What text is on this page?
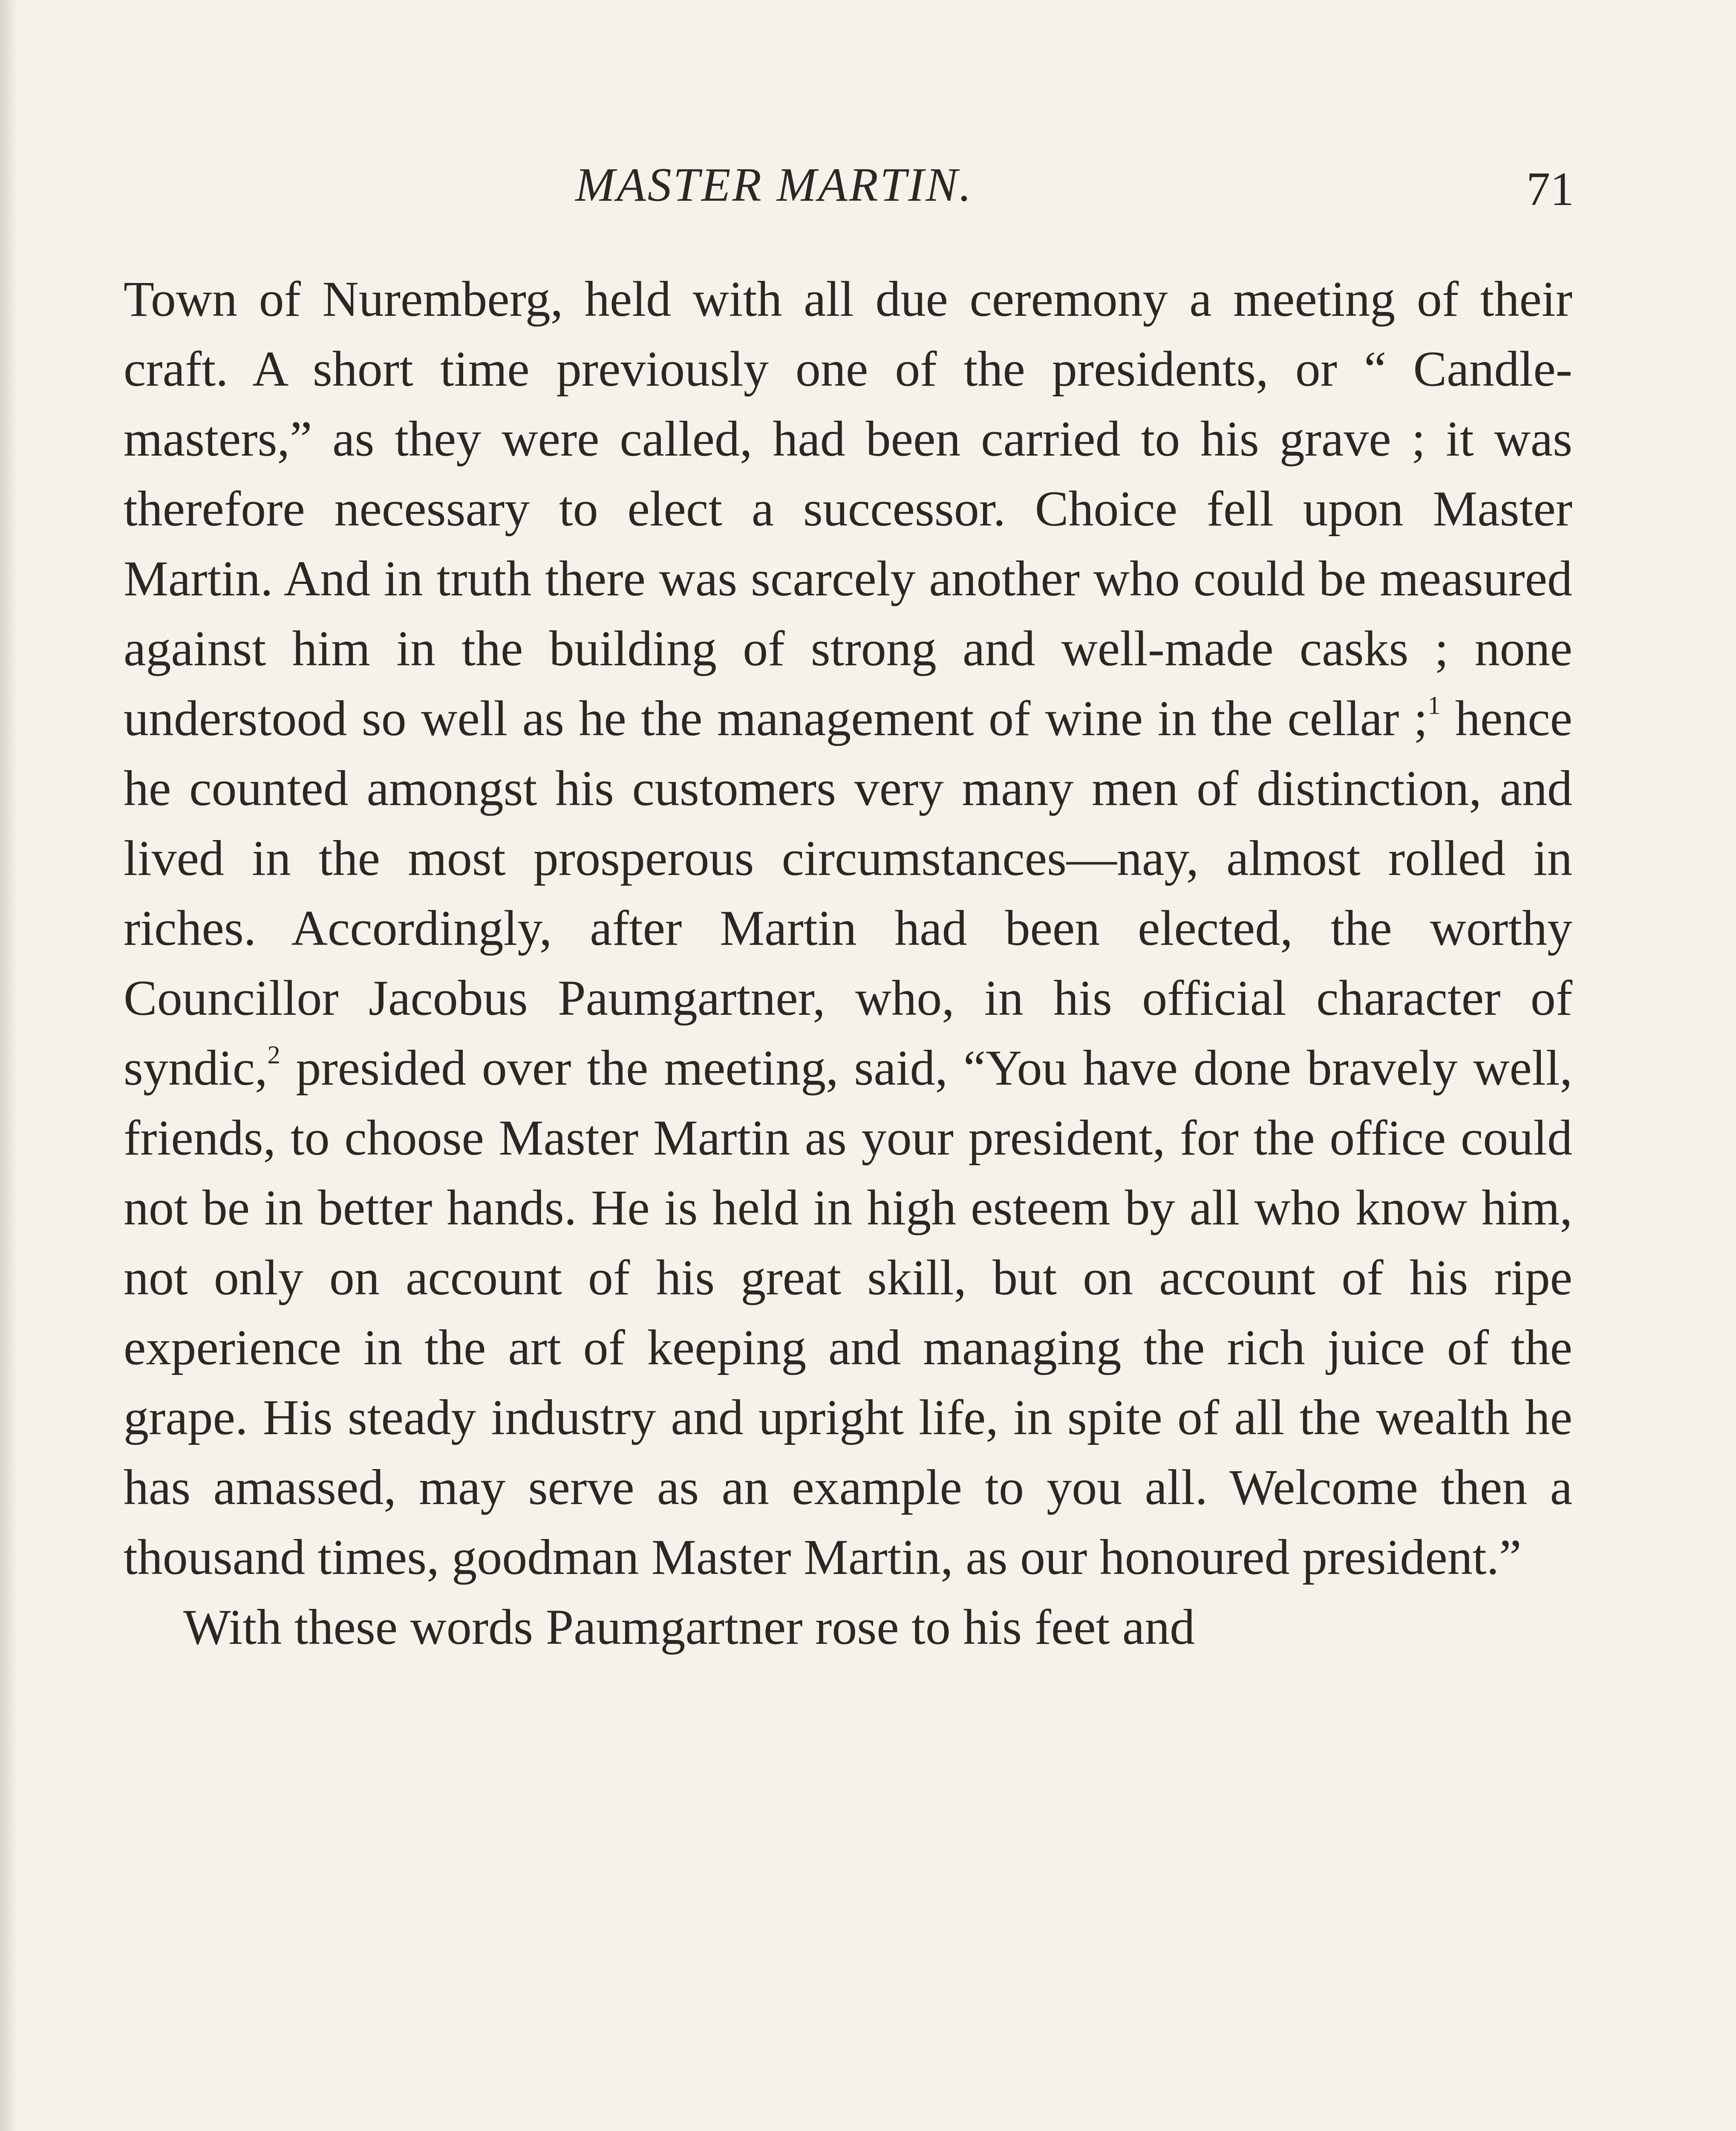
MASTER MARTIN.	71

Town of Nuremberg, held with all due ceremony a meeting of their craft. A short time previously one of the presidents, or “ Candle-masters,” as they were called, had been carried to his grave ; it was therefore necessary to elect a successor. Choice fell upon Master Martin. And in truth there was scarcely another who could be measured against him in the building of strong and well-made casks ; none understood so well as he the management of wine in the cellar ;$^1$ hence he counted amongst his customers very many men of distinction, and lived in the most prosperous circumstances—nay, almost rolled in riches. Accordingly, after Martin had been elected, the worthy Councillor Jacobus Paumgartner, who, in his official character of syndic,$^2$ presided over the meeting, said, “You have done bravely well, friends, to choose Master Martin as your president, for the office could not be in better hands. He is held in high esteem by all who know him, not only on account of his great skill, but on account of his ripe experience in the art of keeping and managing the rich juice of the grape. His steady industry and upright life, in spite of all the wealth he has amassed, may serve as an example to you all. Welcome then a thousand times, goodman Master Martin, as our honoured president.”

With these words Paumgartner rose to his feet and
